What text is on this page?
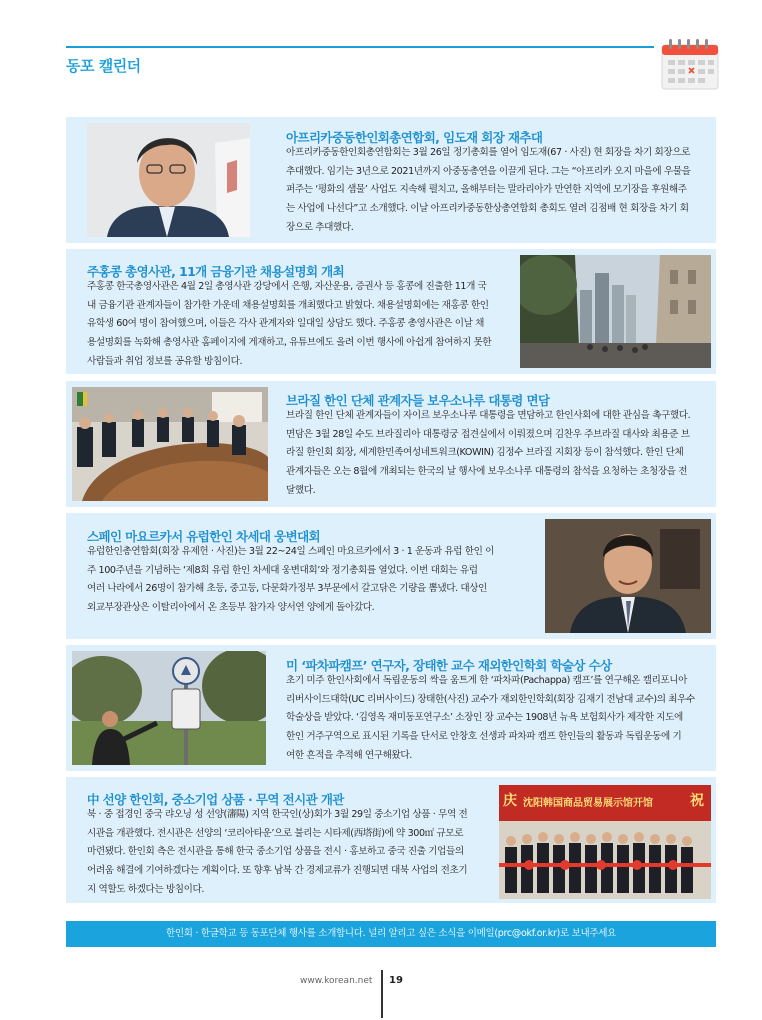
동포 캘린더
아프리카중동한인회총연합회, 임도재 회장 재추대

아프리카중동한인회총연합회는 3월 26일 정기총회를 열어 임도재(67 · 사진) 현 회장을 차기 회장으로

추대했다. 임기는 3년으로 2021년까지 아중동총연을 이끌게 된다. 그는 “아프리카 오지 마을에 우물을

퍼주는 ‘평화의 샘물’ 사업도 지속해 펼치고, 올해부터는 말라리아가 만연한 지역에 모기장을 후원해주

는 사업에 나선다”고 소개했다. 이날 아프리카중동한상총연합회 총회도 열려 김점배 현 회장을 차기 회

장으로 추대했다.

주홍콩 총영사관, 11개 금융기관 채용설명회 개최

주홍콩 한국총영사관은 4월 2일 총영사관 강당에서 은행, 자산운용, 증권사 등 홍콩에 진출한 11개 국

내 금융기관 관계자들이 참가한 가운데 채용설명회를 개최했다고 밝혔다. 채용설명회에는 재홍콩 한인

유학생 60여 명이 참여했으며, 이들은 각사 관계자와 일대일 상담도 했다. 주홍콩 총영사관은 이날 채

용설명회를 녹화해 총영사관 홈페이지에 게재하고, 유튜브에도 올려 이번 행사에 아쉽게 참여하지 못한

사람들과 취업 정보를 공유할 방침이다.

브라질 한인 단체 관계자들 보우소나루 대통령 면담

브라질 한인 단체 관계자들이 자이르 보우소나루 대통령을 면담하고 한인사회에 대한 관심을 촉구했다.

면담은 3월 28일 수도 브라질리아 대통령궁 접견실에서 이뤄졌으며 김찬우 주브라질 대사와 최용준 브

라질 한인회 회장, 세계한민족여성네트워크(KOWIN) 김정수 브라질 지회장 등이 참석했다. 한인 단체

관계자들은 오는 8월에 개최되는 한국의 날 행사에 보우소나루 대통령의 참석을 요청하는 초청장을 전

달했다.

스페인 마요르카서 유럽한인 차세대 웅변대회

유럽한인총연합회(회장 유제헌 · 사진)는 3월 22~24일 스페인 마요르카에서 3 · 1 운동과 유럽 한인 이

주 100주년을 기념하는 ‘제8회 유럽 한인 차세대 웅변대회’와 정기총회를 열었다. 이번 대회는 유럽

여러 나라에서 26명이 참가해 초등, 중고등, 다문화가정부 3부문에서 갈고닦은 기량을 뽐냈다. 대상인

외교부장관상은 이탈리아에서 온 초등부 참가자 양서연 양에게 돌아갔다.

미 ‘파차파캠프’ 연구자, 장태한 교수 재외한인학회 학술상 수상

초기 미주 한인사회에서 독립운동의 싹을 움트게 한 ‘파차파(Pachappa) 캠프’를 연구해온 캘리포니아

리버사이드대학(UC 리버사이드) 장태한(사진) 교수가 재외한인학회(회장 김재기 전남대 교수)의 최우수

학술상을 받았다. ‘김영옥 재미동포연구소’ 소장인 장 교수는 1908년 뉴욕 보험회사가 제작한 지도에

한인 거주구역으로 표시된 기록을 단서로 안창호 선생과 파차파 캠프 한인들의 활동과 독립운동에 기

여한 흔적을 추적해 연구해왔다.

中 선양 한인회, 중소기업 상품 · 무역 전시관 개관

북 · 중 접경인 중국 랴오닝 성 선양(瀋陽) 지역 한국인(상)회가 3월 29일 중소기업 상품 · 무역 전

시관을 개관했다. 전시관은 선양의 ‘코리아타운’으로 불리는 시타제(西塔街)에 약 300㎡ 규모로

마련됐다. 한인회 측은 전시관을 통해 한국 중소기업 상품을 전시 · 홍보하고 중국 진출 기업들의

어려움 해결에 기여하겠다는 계획이다. 또 향후 남북 간 경제교류가 진행되면 대북 사업의 전초기

지 역할도 하겠다는 방침이다.

庆 沈阳韩国商品贸易展示馆开馆	祝
한인회 · 한글학교 등 동포단체 행사를 소개합니다. 널리 알리고 싶은 소식을 이메일(prc@okf.or.kr)로 보내주세요
www.korean.net 19
